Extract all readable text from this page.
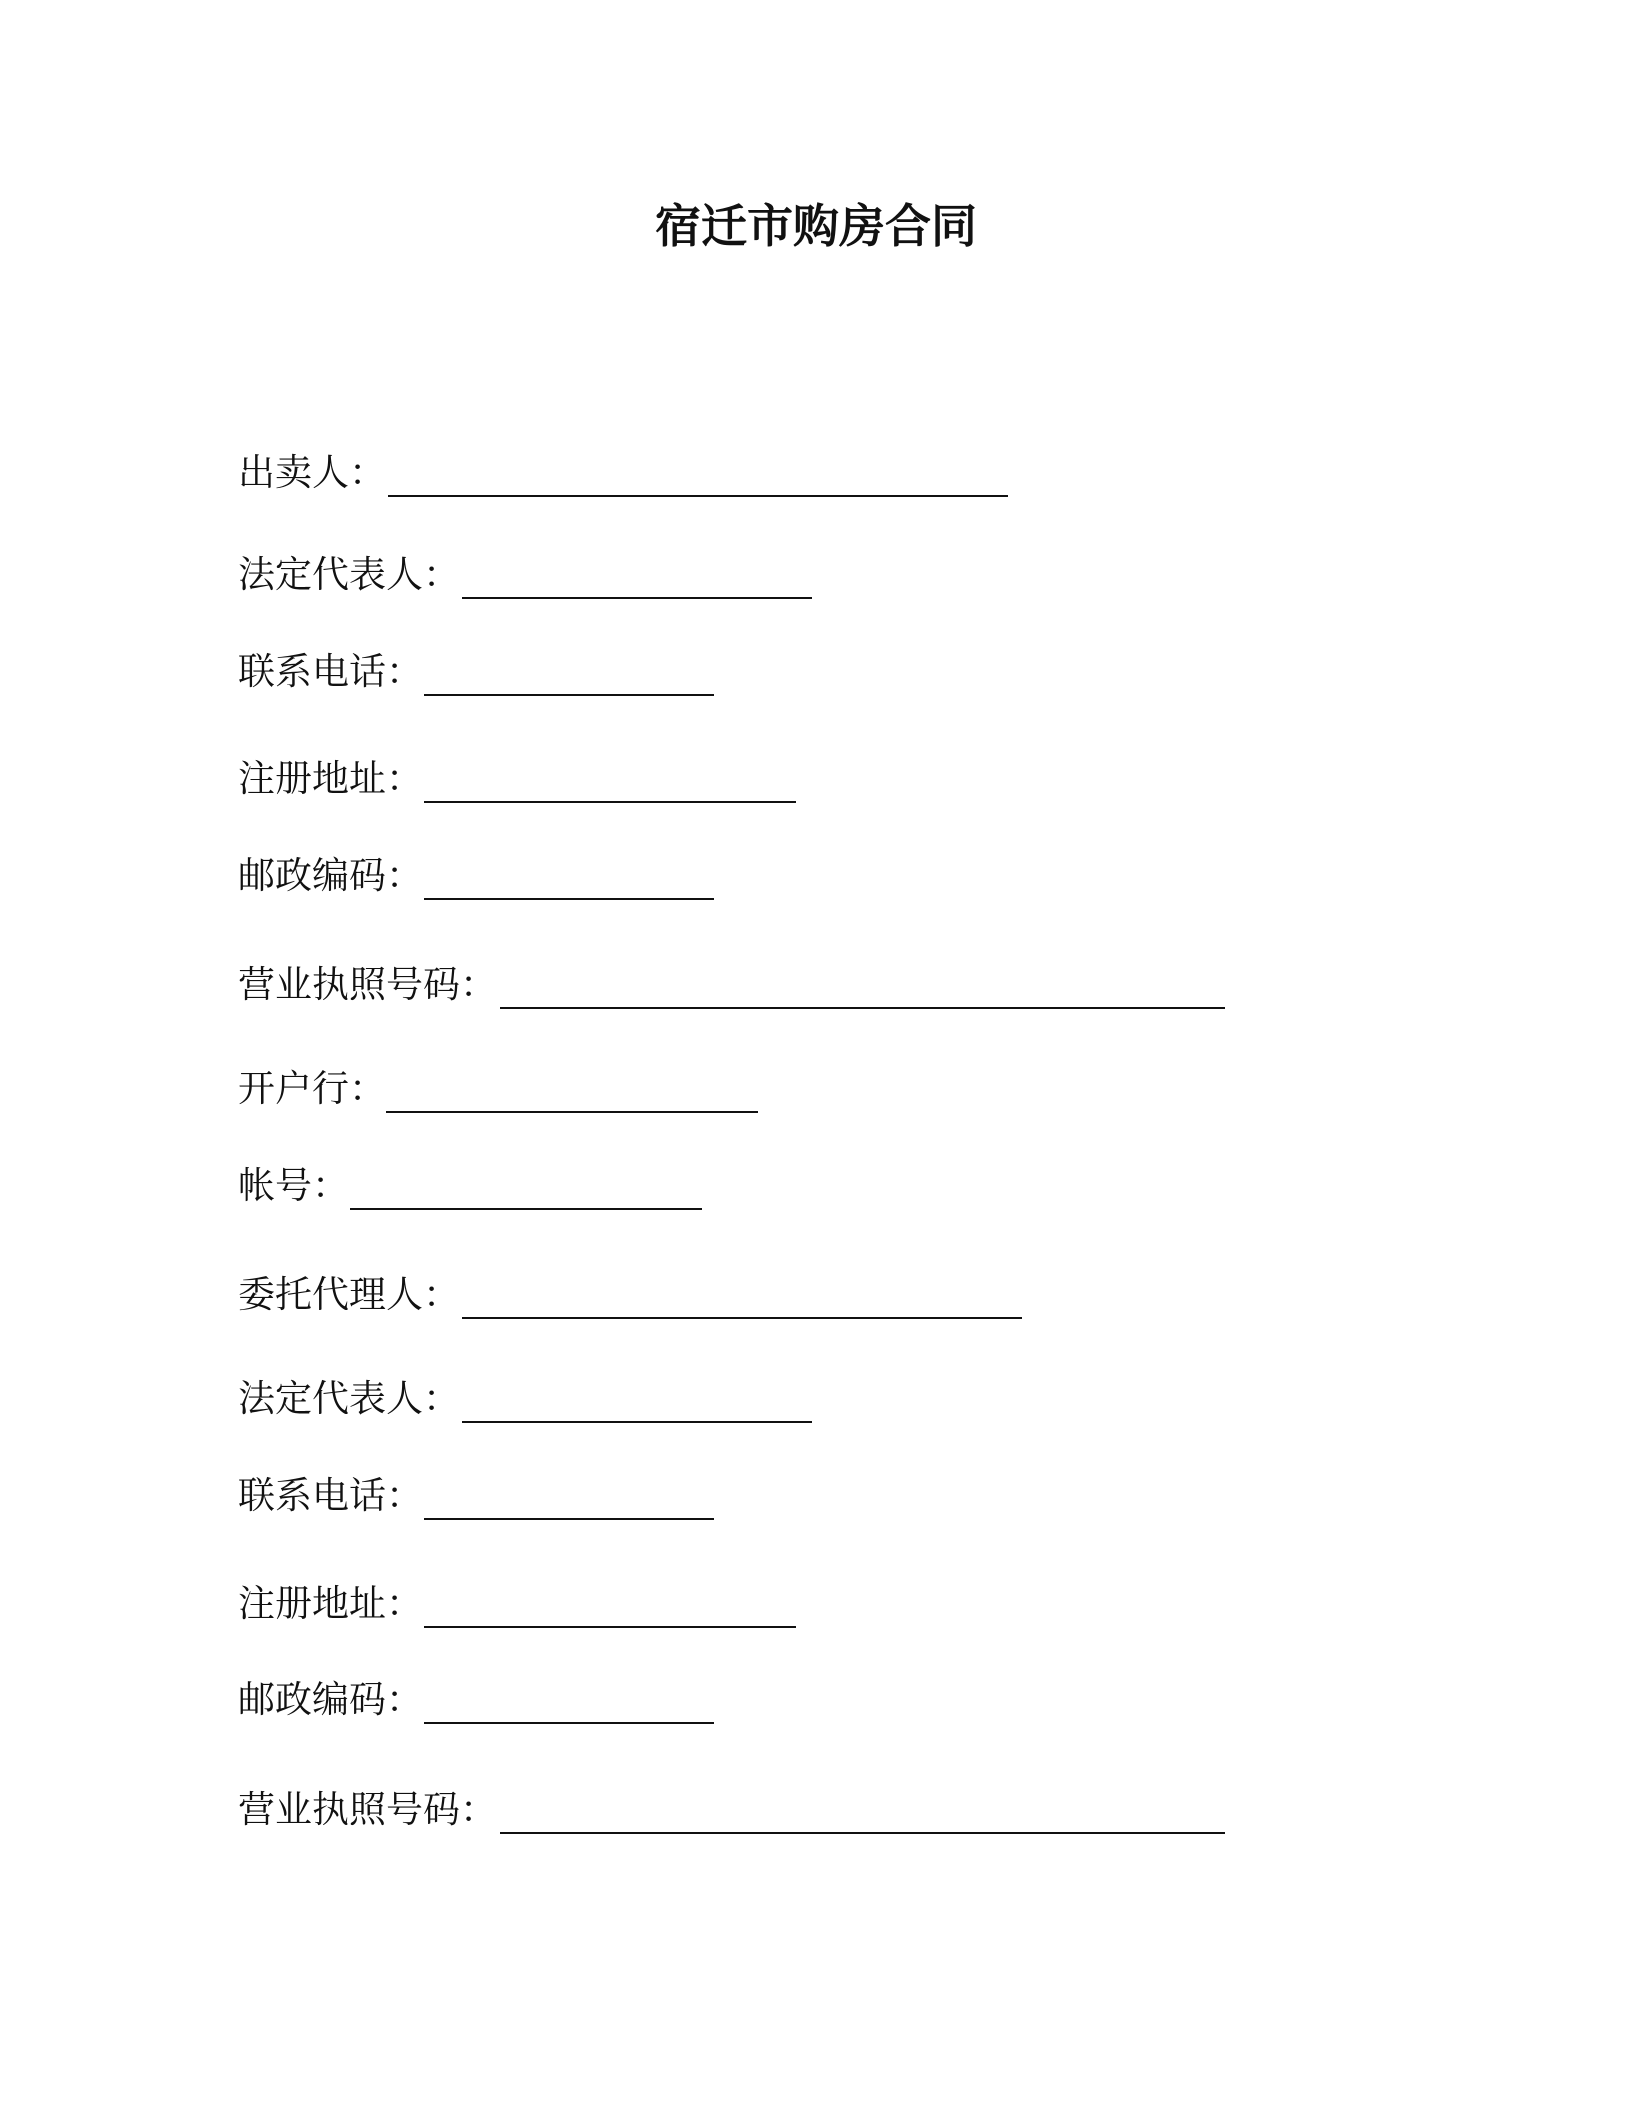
宿迁市购房合同
出卖人：
法定代表人：
联系电话：
注册地址：
邮政编码：
营业执照号码：
开户行：
帐号：
委托代理人：
法定代表人：
联系电话：
注册地址：
邮政编码：
营业执照号码：
